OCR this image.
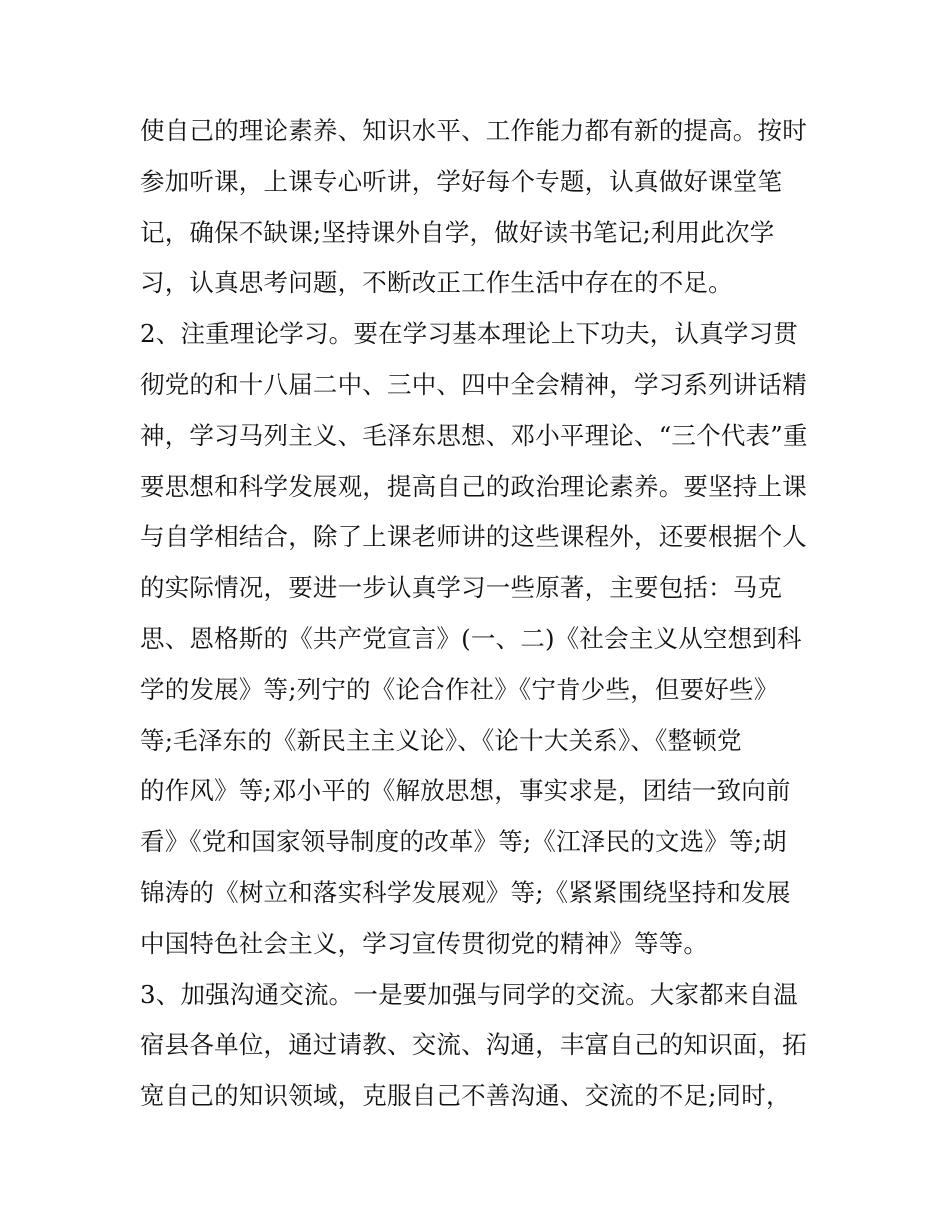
使自己的理论素养、知识水平、工作能力都有新的提高。按时
参加听课，上课专心听讲，学好每个专题，认真做好课堂笔
记，确保不缺课;坚持课外自学，做好读书笔记;利用此次学
习，认真思考问题，不断改正工作生活中存在的不足。
2、注重理论学习。要在学习基本理论上下功夫，认真学习贯
彻党的和十八届二中、三中、四中全会精神，学习系列讲话精
神，学习马列主义、毛泽东思想、邓小平理论、“三个代表”重
要思想和科学发展观，提高自己的政治理论素养。要坚持上课
与自学相结合，除了上课老师讲的这些课程外，还要根据个人
的实际情况，要进一步认真学习一些原著，主要包括：马克
思、恩格斯的《共产党宣言》(一、二)《社会主义从空想到科
学的发展》等;列宁的《论合作社》《宁肯少些，但要好些》
等;毛泽东的《新民主主义论》、《论十大关系》、《整顿党
的作风》等;邓小平的《解放思想，事实求是，团结一致向前
看》《党和国家领导制度的改革》等;《江泽民的文选》等;胡
锦涛的《树立和落实科学发展观》等;《紧紧围绕坚持和发展
中国特色社会主义，学习宣传贯彻党的精神》等等。
3、加强沟通交流。一是要加强与同学的交流。大家都来自温
宿县各单位，通过请教、交流、沟通，丰富自己的知识面，拓
宽自己的知识领域，克服自己不善沟通、交流的不足;同时，
